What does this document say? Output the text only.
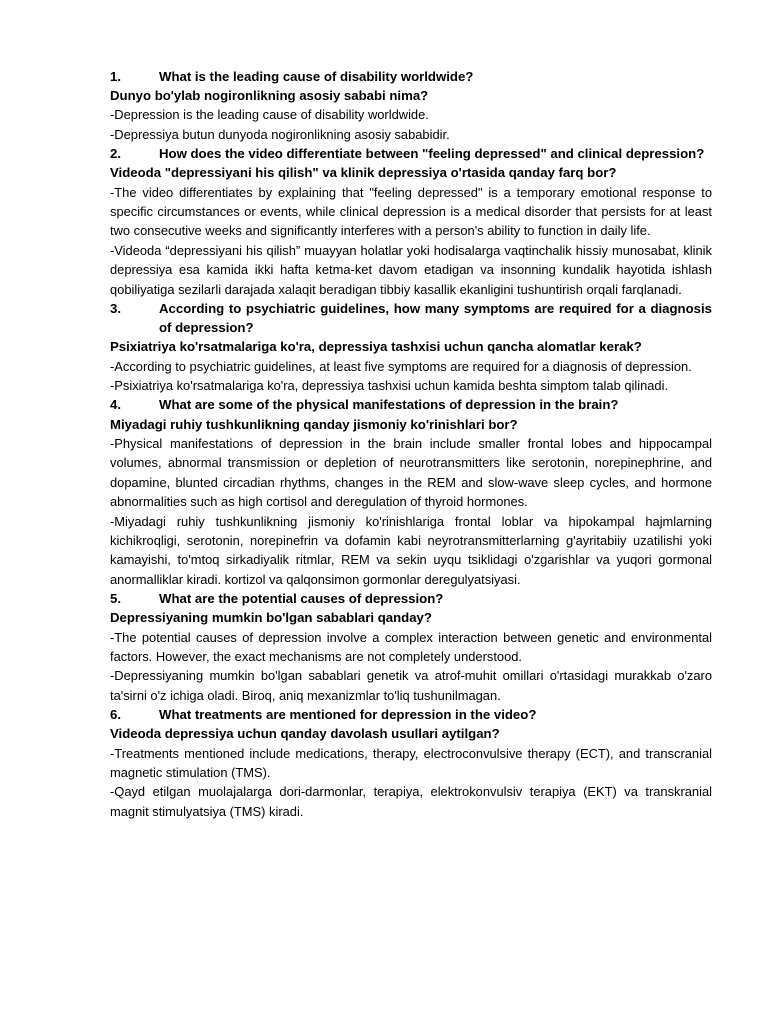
1.	What is the leading cause of disability worldwide?
Dunyo bo'ylab nogironlikning asosiy sababi nima?

-Depression is the leading cause of disability worldwide.

-Depressiya butun dunyoda nogironlikning asosiy sababidir.

2.	How does the video differentiate between "feeling depressed" and clinical depression?
Videoda "depressiyani his qilish" va klinik depressiya o'rtasida qanday farq bor?

-The video differentiates by explaining that "feeling depressed" is a temporary emotional response to specific circumstances or events, while clinical depression is a medical disorder that persists for at least two consecutive weeks and significantly interferes with a person's ability to function in daily life.

-Videoda “depressiyani his qilish” muayyan holatlar yoki hodisalarga vaqtinchalik hissiy munosabat, klinik depressiya esa kamida ikki hafta ketma-ket davom etadigan va insonning kundalik hayotida ishlash qobiliyatiga sezilarli darajada xalaqit beradigan tibbiy kasallik ekanligini tushuntirish orqali farqlanadi.

3.	According to psychiatric guidelines, how many symptoms are required for a diagnosis of depression?
Psixiatriya ko'rsatmalariga ko'ra, depressiya tashxisi uchun qancha alomatlar kerak?

-According to psychiatric guidelines, at least five symptoms are required for a diagnosis of depression.

-Psixiatriya ko'rsatmalariga ko'ra, depressiya tashxisi uchun kamida beshta simptom talab qilinadi.

4.	What are some of the physical manifestations of depression in the brain?
Miyadagi ruhiy tushkunlikning qanday jismoniy ko'rinishlari bor?

-Physical manifestations of depression in the brain include smaller frontal lobes and hippocampal volumes, abnormal transmission or depletion of neurotransmitters like serotonin, norepinephrine, and dopamine, blunted circadian rhythms, changes in the REM and slow-wave sleep cycles, and hormone abnormalities such as high cortisol and deregulation of thyroid hormones.

-Miyadagi ruhiy tushkunlikning jismoniy ko'rinishlariga frontal loblar va hipokampal hajmlarning kichikroqligi, serotonin, norepinefrin va dofamin kabi neyrotransmitterlarning g'ayritabiiy uzatilishi yoki kamayishi, to'mtoq sirkadiyalik ritmlar, REM va sekin uyqu tsiklidagi o'zgarishlar va yuqori gormonal anormalliklar kiradi. kortizol va qalqonsimon gormonlar deregulyatsiyasi.

5.	What are the potential causes of depression?
Depressiyaning mumkin bo'lgan sabablari qanday?

-The potential causes of depression involve a complex interaction between genetic and environmental factors. However, the exact mechanisms are not completely understood.

-Depressiyaning mumkin bo'lgan sabablari genetik va atrof-muhit omillari o'rtasidagi murakkab o'zaro ta'sirni o'z ichiga oladi. Biroq, aniq mexanizmlar to'liq tushunilmagan.

6.	What treatments are mentioned for depression in the video?
Videoda depressiya uchun qanday davolash usullari aytilgan?

-Treatments mentioned include medications, therapy, electroconvulsive therapy (ECT), and transcranial magnetic stimulation (TMS).

-Qayd etilgan muolajalarga dori-darmonlar, terapiya, elektrokonvulsiv terapiya (EKT) va transkranial magnit stimulyatsiya (TMS) kiradi.
